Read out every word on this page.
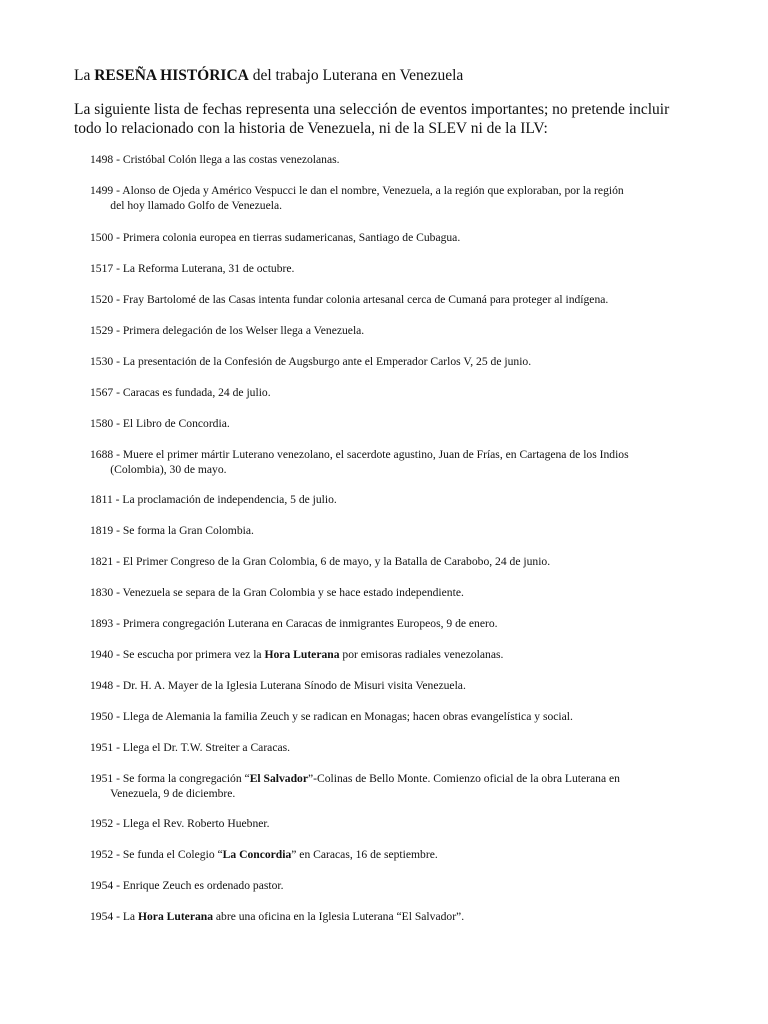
La RESEÑA HISTÓRICA del trabajo Luterana en Venezuela

La siguiente lista de fechas representa una selección de eventos importantes; no pretende incluir
todo lo relacionado con la historia de Venezuela, ni de la SLEV ni de la ILV:
1498 - Cristóbal Colón llega a las costas venezolanas.
1499 - Alonso de Ojeda y Américo Vespucci le dan el nombre, Venezuela, a la región que exploraban, por la región
del hoy llamado Golfo de Venezuela.
1500 - Primera colonia europea en tierras sudamericanas, Santiago de Cubagua.
1517 - La Reforma Luterana, 31 de octubre.
1520 - Fray Bartolomé de las Casas intenta fundar colonia artesanal cerca de Cumaná para proteger al indígena.
1529 - Primera delegación de los Welser llega a Venezuela.
1530 - La presentación de la Confesión de Augsburgo ante el Emperador Carlos V, 25 de junio.
1567 - Caracas es fundada, 24 de julio.
1580 - El Libro de Concordia.
1688 - Muere el primer mártir Luterano venezolano, el sacerdote agustino, Juan de Frías, en Cartagena de los Indios
(Colombia), 30 de mayo.
1811 - La proclamación de independencia, 5 de julio.
1819 - Se forma la Gran Colombia.
1821 - El Primer Congreso de la Gran Colombia, 6 de mayo, y la Batalla de Carabobo, 24 de junio.
1830 - Venezuela se separa de la Gran Colombia y se hace estado independiente.
1893 - Primera congregación Luterana en Caracas de inmigrantes Europeos, 9 de enero.
1940 - Se escucha por primera vez la Hora Luterana por emisoras radiales venezolanas.
1948 - Dr. H. A. Mayer de la Iglesia Luterana Sínodo de Misuri visita Venezuela.
1950 - Llega de Alemania la familia Zeuch y se radican en Monagas; hacen obras evangelística y social.
1951 - Llega el Dr. T.W. Streiter a Caracas.
1951 - Se forma la congregación “El Salvador”-Colinas de Bello Monte. Comienzo oficial de la obra Luterana en
Venezuela, 9 de diciembre.
1952 - Llega el Rev. Roberto Huebner.
1952 - Se funda el Colegio “La Concordia” en Caracas, 16 de septiembre.
1954 - Enrique Zeuch es ordenado pastor.
1954 - La Hora Luterana abre una oficina en la Iglesia Luterana “El Salvador”.
